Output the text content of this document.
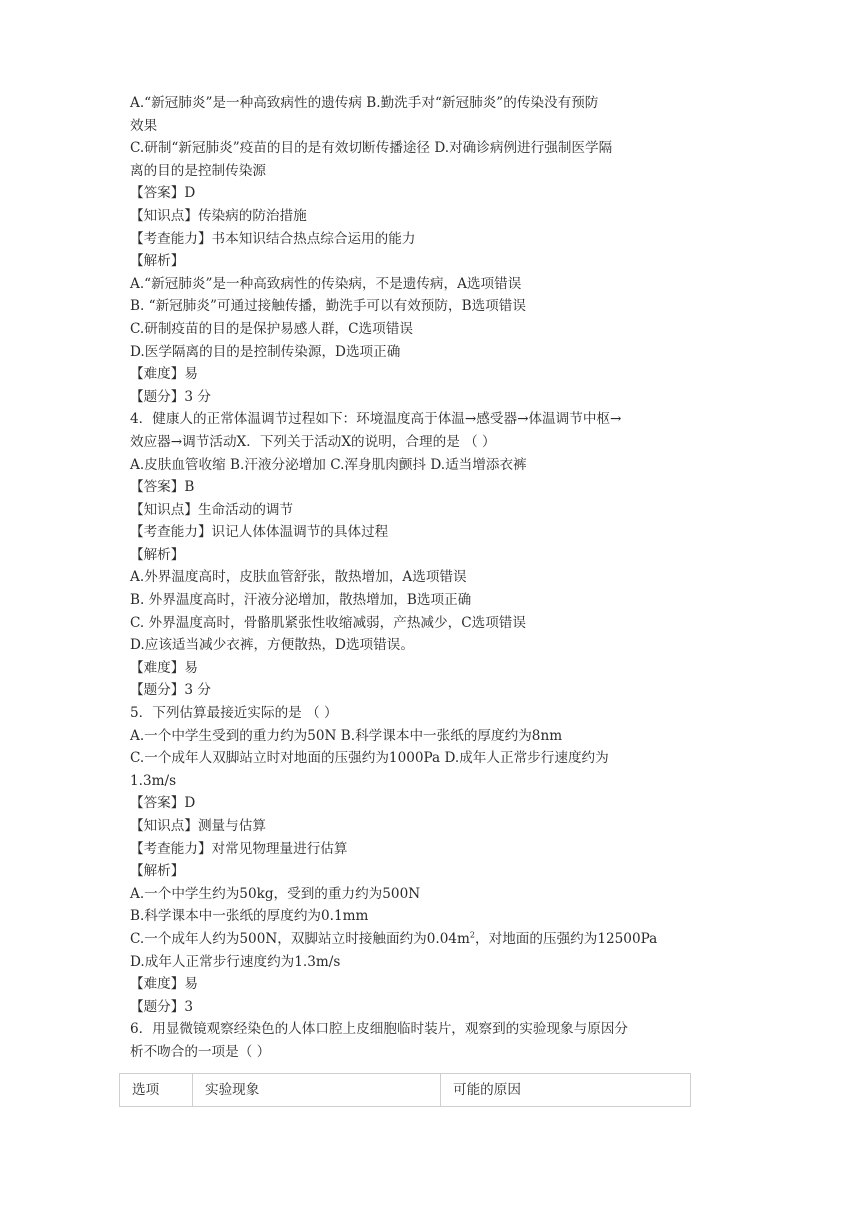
A.“新冠肺炎”是一种高致病性的遗传病 B.勤洗手对“新冠肺炎”的传染没有预防
效果
C.研制“新冠肺炎”疫苗的目的是有效切断传播途径 D.对确诊病例进行强制医学隔
离的目的是控制传染源
【答案】D
【知识点】传染病的防治措施
【考查能力】书本知识结合热点综合运用的能力
【解析】
A.“新冠肺炎”是一种高致病性的传染病，不是遗传病，A选项错误
B. “新冠肺炎”可通过接触传播，勤洗手可以有效预防，B选项错误
C.研制疫苗的目的是保护易感人群，C选项错误
D.医学隔离的目的是控制传染源，D选项正确
【难度】易
【题分】3 分
4．健康人的正常体温调节过程如下：环境温度高于体温→感受器→体温调节中枢→
效应器→调节活动X．下列关于活动X的说明，合理的是 （ ）
A.皮肤血管收缩 B.汗液分泌增加 C.浑身肌肉颤抖 D.适当增添衣裤
【答案】B
【知识点】生命活动的调节
【考查能力】识记人体体温调节的具体过程
【解析】
A.外界温度高时，皮肤血管舒张，散热增加，A选项错误
B. 外界温度高时，汗液分泌增加，散热增加，B选项正确
C. 外界温度高时，骨骼肌紧张性收缩减弱，产热减少，C选项错误
D.应该适当减少衣裤，方便散热，D选项错误。
【难度】易
【题分】3 分
5．下列估算最接近实际的是 （ ）
A.一个中学生受到的重力约为50N B.科学课本中一张纸的厚度约为8nm
C.一个成年人双脚站立时对地面的压强约为1000Pa D.成年人正常步行速度约为
1.3m/s
【答案】D
【知识点】测量与估算
【考查能力】对常见物理量进行估算
【解析】
A.一个中学生约为50kg，受到的重力约为500N
B.科学课本中一张纸的厚度约为0.1mm
C.一个成年人约为500N，双脚站立时接触面约为$0.04m^2$，对地面的压强约为12500Pa
D.成年人正常步行速度约为1.3m/s
【难度】易
【题分】3
6．用显微镜观察经染色的人体口腔上皮细胞临时装片，观察到的实验现象与原因分
析不吻合的一项是（ ）
选项	实验现象	可能的原因
